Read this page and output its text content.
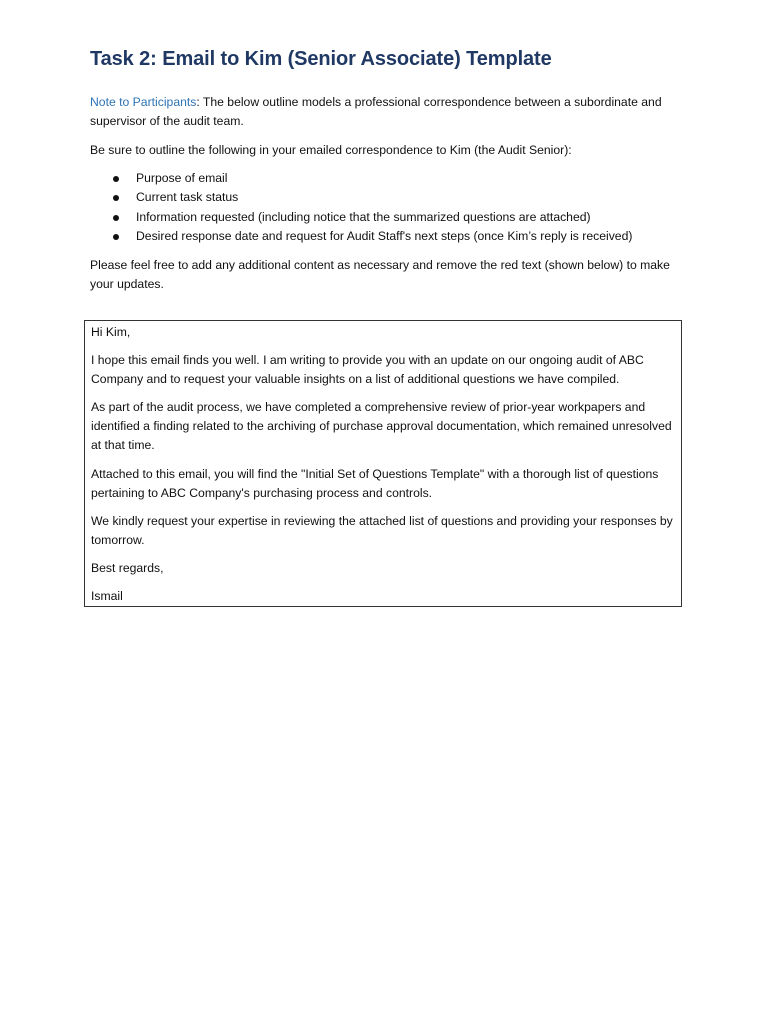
Task 2: Email to Kim (Senior Associate) Template

Note to Participants: The below outline models a professional correspondence between a subordinate and supervisor of the audit team.

Be sure to outline the following in your emailed correspondence to Kim (the Audit Senior):

Purpose of email
Current task status
Information requested (including notice that the summarized questions are attached)
Desired response date and request for Audit Staff's next steps (once Kim’s reply is received)

Please feel free to add any additional content as necessary and remove the red text (shown below) to make your updates.

Hi Kim,

I hope this email finds you well. I am writing to provide you with an update on our ongoing audit of ABC Company and to request your valuable insights on a list of additional questions we have compiled.

As part of the audit process, we have completed a comprehensive review of prior-year workpapers and identified a finding related to the archiving of purchase approval documentation, which remained unresolved at that time.

Attached to this email, you will find the "Initial Set of Questions Template" with a thorough list of questions pertaining to ABC Company's purchasing process and controls.

We kindly request your expertise in reviewing the attached list of questions and providing your responses by tomorrow.

Best regards,

Ismail
